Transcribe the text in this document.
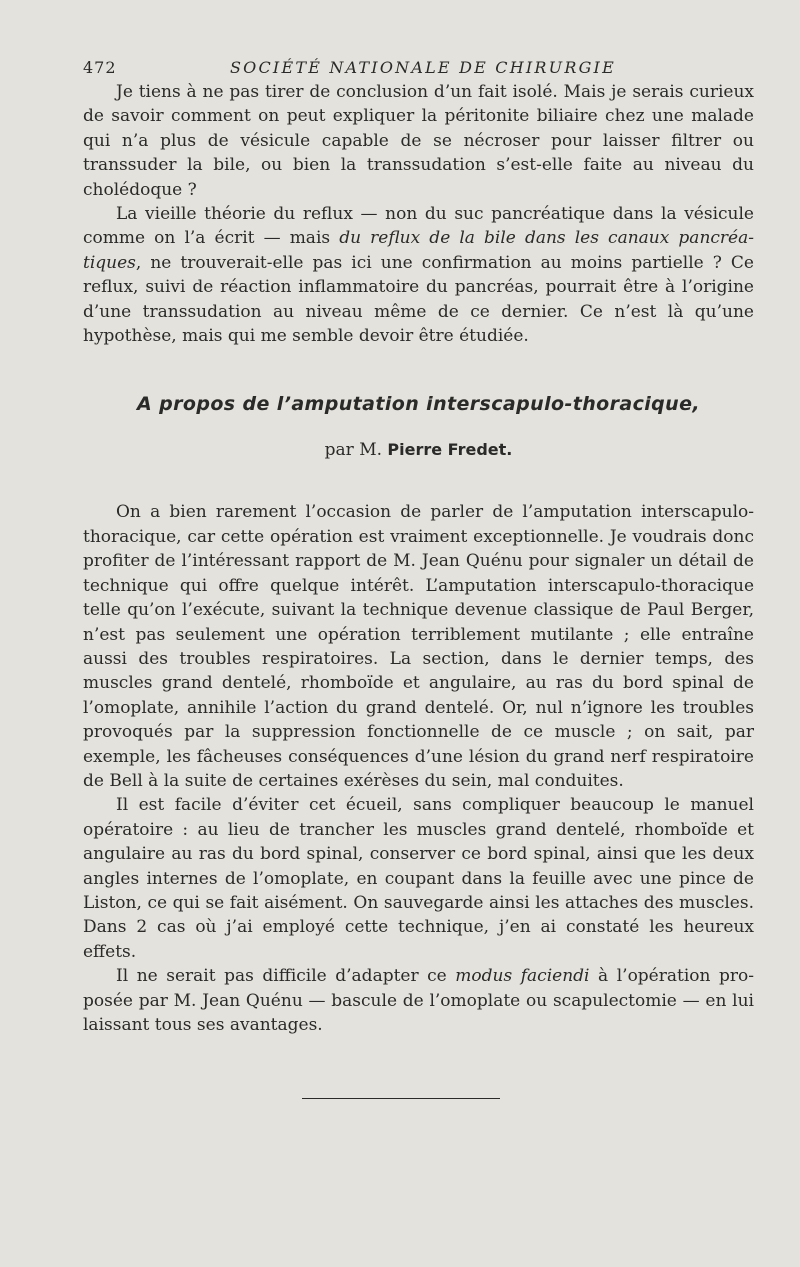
472	SOCIÉTÉ NATIONALE DE CHIRURGIE

Je tiens à ne pas tirer de conclusion d’un fait isolé. Mais je serais curieux de savoir comment on peut expliquer la péritonite biliaire chez une malade qui n’a plus de vésicule capable de se nécroser pour laisser filtrer ou transsuder la bile, ou bien la transsudation s’est-elle faite au niveau du cholédoque ?

La vieille théorie du reflux — non du suc pancréatique dans la vésicule comme on l’a écrit — mais du reflux de la bile dans les canaux pancréatiques, ne trouverait-elle pas ici une confirmation au moins partielle ? Ce reflux, suivi de réaction inflammatoire du pancréas, pourrait être à l’origine d’une transsudation au niveau même de ce dernier. Ce n’est là qu’une hypothèse, mais qui me semble devoir être étudiée.

A propos de l’amputation interscapulo-thoracique,
par M. Pierre Fredet.

On a bien rarement l’occasion de parler de l’amputation interscapulo-thoracique, car cette opération est vraiment exceptionnelle. Je voudrais donc profiter de l’intéressant rapport de M. Jean Quénu pour signaler un détail de technique qui offre quelque intérêt. L’amputation interscapulo-thoracique telle qu’on l’exécute, suivant la technique devenue classique de Paul Berger, n’est pas seulement une opération terriblement mutilante ; elle entraîne aussi des troubles respiratoires. La section, dans le dernier temps, des muscles grand dentelé, rhomboïde et angulaire, au ras du bord spinal de l’omoplate, annihile l’action du grand dentelé. Or, nul n’ignore les troubles provoqués par la suppression fonctionnelle de ce muscle ; on sait, par exemple, les fâcheuses conséquences d’une lésion du grand nerf respiratoire de Bell à la suite de certaines exérèses du sein, mal conduites.

Il est facile d’éviter cet écueil, sans compliquer beaucoup le manuel opératoire : au lieu de trancher les muscles grand dentelé, rhomboïde et angulaire au ras du bord spinal, conserver ce bord spinal, ainsi que les deux angles internes de l’omoplate, en coupant dans la feuille avec une pince de Liston, ce qui se fait aisément. On sauvegarde ainsi les attaches des muscles. Dans 2 cas où j’ai employé cette technique, j’en ai constaté les heureux effets.

Il ne serait pas difficile d’adapter ce modus faciendi à l’opération proposée par M. Jean Quénu — bascule de l’omoplate ou scapulectomie — en lui laissant tous ses avantages.
